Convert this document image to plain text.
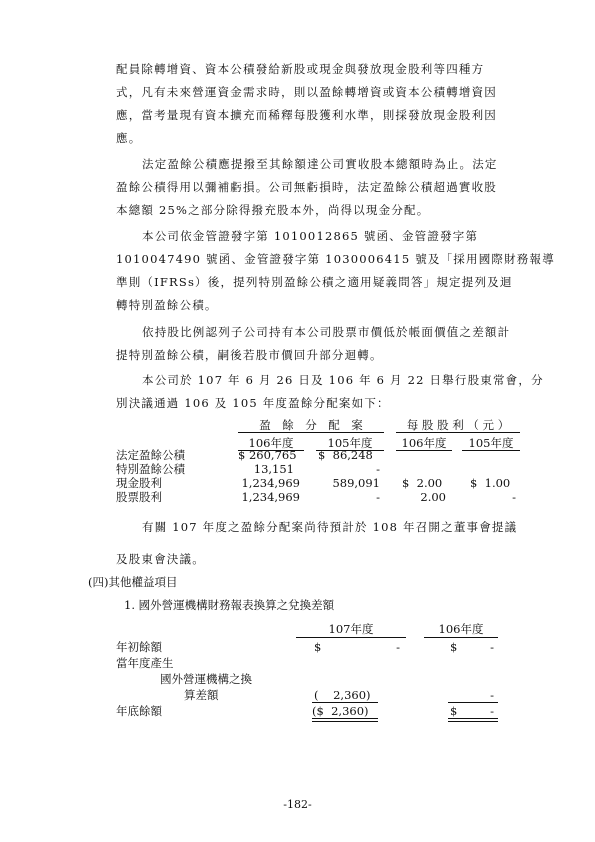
配員除轉增資、資本公積發給新股或現金與發放現金股利等四種方
式，凡有未來營運資金需求時，則以盈餘轉增資或資本公積轉增資因
應，當考量現有資本擴充而稀釋每股獲利水準，則採發放現金股利因
應。
法定盈餘公積應提撥至其餘額達公司實收股本總額時為止。法定
盈餘公積得用以彌補虧損。公司無虧損時，法定盈餘公積超過實收股
本總額 25%之部分除得撥充股本外，尚得以現金分配。
本公司依金管證發字第 1010012865 號函、金管證發字第
1010047490 號函、金管證發字第 1030006415 號及「採用國際財務報導
準則（IFRSs）後，提列特別盈餘公積之適用疑義問答」規定提列及迴
轉特別盈餘公積。
依持股比例認列子公司持有本公司股票市價低於帳面價值之差額計
提特別盈餘公積，嗣後若股市價回升部分迴轉。
本公司於 107 年 6 月 26 日及 106 年 6 月 22 日舉行股東常會，分
別決議通過 106 及 105 年度盈餘分配案如下：
盈　餘　分　配　案	每 股 股 利 （ 元 ）
106年度	105年度	106年度	105年度
法定盈餘公積	$ 260,765 $  86,248
特別盈餘公積	13,151	-
現金股利	1,234,969	589,091 $  2.00 $  1.00
股票股利	1,234,969	-	2.00	-
有關 107 年度之盈餘分配案尚待預計於 108 年召開之董事會提議
及股東會決議。
(四)其他權益項目
1. 國外營運機構財務報表換算之兌換差額
107年度	106年度
年初餘額	$	-	$	-
當年度產生
國外營運機構之換
算差額	(    2,360)	-
年底餘額	($  2,360)	$	-
-182-
